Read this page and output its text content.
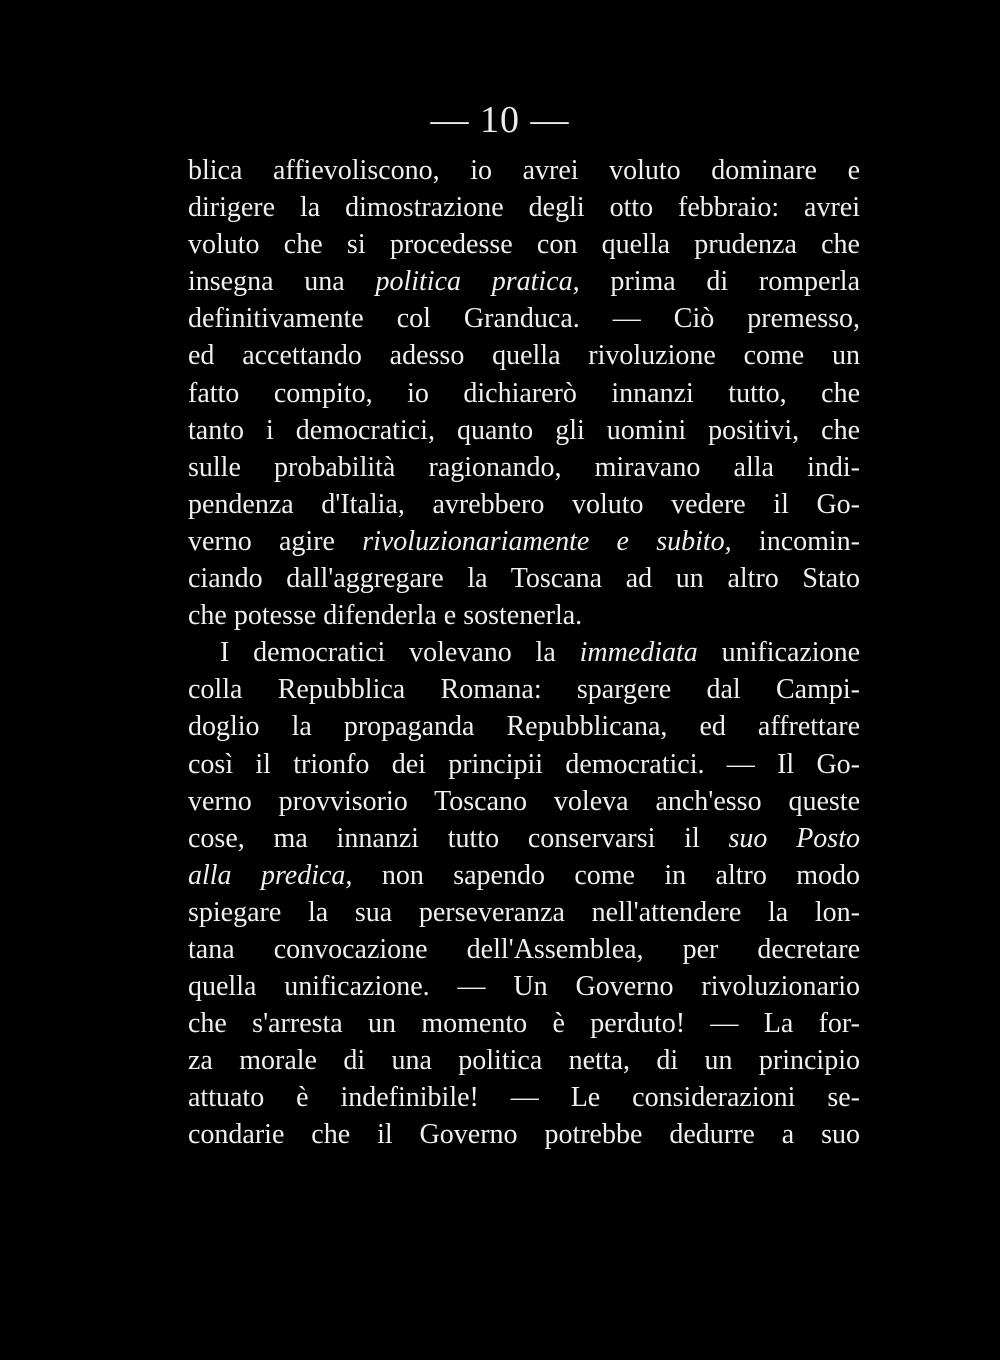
— 10 —
blica affievoliscono, io avrei voluto dominare e
dirigere la dimostrazione degli otto febbraio: avrei
voluto che si procedesse con quella prudenza che
insegna una politica pratica, prima di romperla
definitivamente col Granduca. — Ciò premesso,
ed accettando adesso quella rivoluzione come un
fatto compito, io dichiarerò innanzi tutto, che
tanto i democratici, quanto gli uomini positivi, che
sulle probabilità ragionando, miravano alla indi-
pendenza d'Italia, avrebbero voluto vedere il Go-
verno agire rivoluzionariamente e subito, incomin-
ciando dall'aggregare la Toscana ad un altro Stato
che potesse difenderla e sostenerla.
I democratici volevano la immediata unificazione
colla Repubblica Romana: spargere dal Campi-
doglio la propaganda Repubblicana, ed affrettare
così il trionfo dei principii democratici. — Il Go-
verno provvisorio Toscano voleva anch'esso queste
cose, ma innanzi tutto conservarsi il suo Posto
alla predica, non sapendo come in altro modo
spiegare la sua perseveranza nell'attendere la lon-
tana convocazione dell'Assemblea, per decretare
quella unificazione. — Un Governo rivoluzionario
che s'arresta un momento è perduto! — La for-
za morale di una politica netta, di un principio
attuato è indefinibile! — Le considerazioni se-
condarie che il Governo potrebbe dedurre a suo
